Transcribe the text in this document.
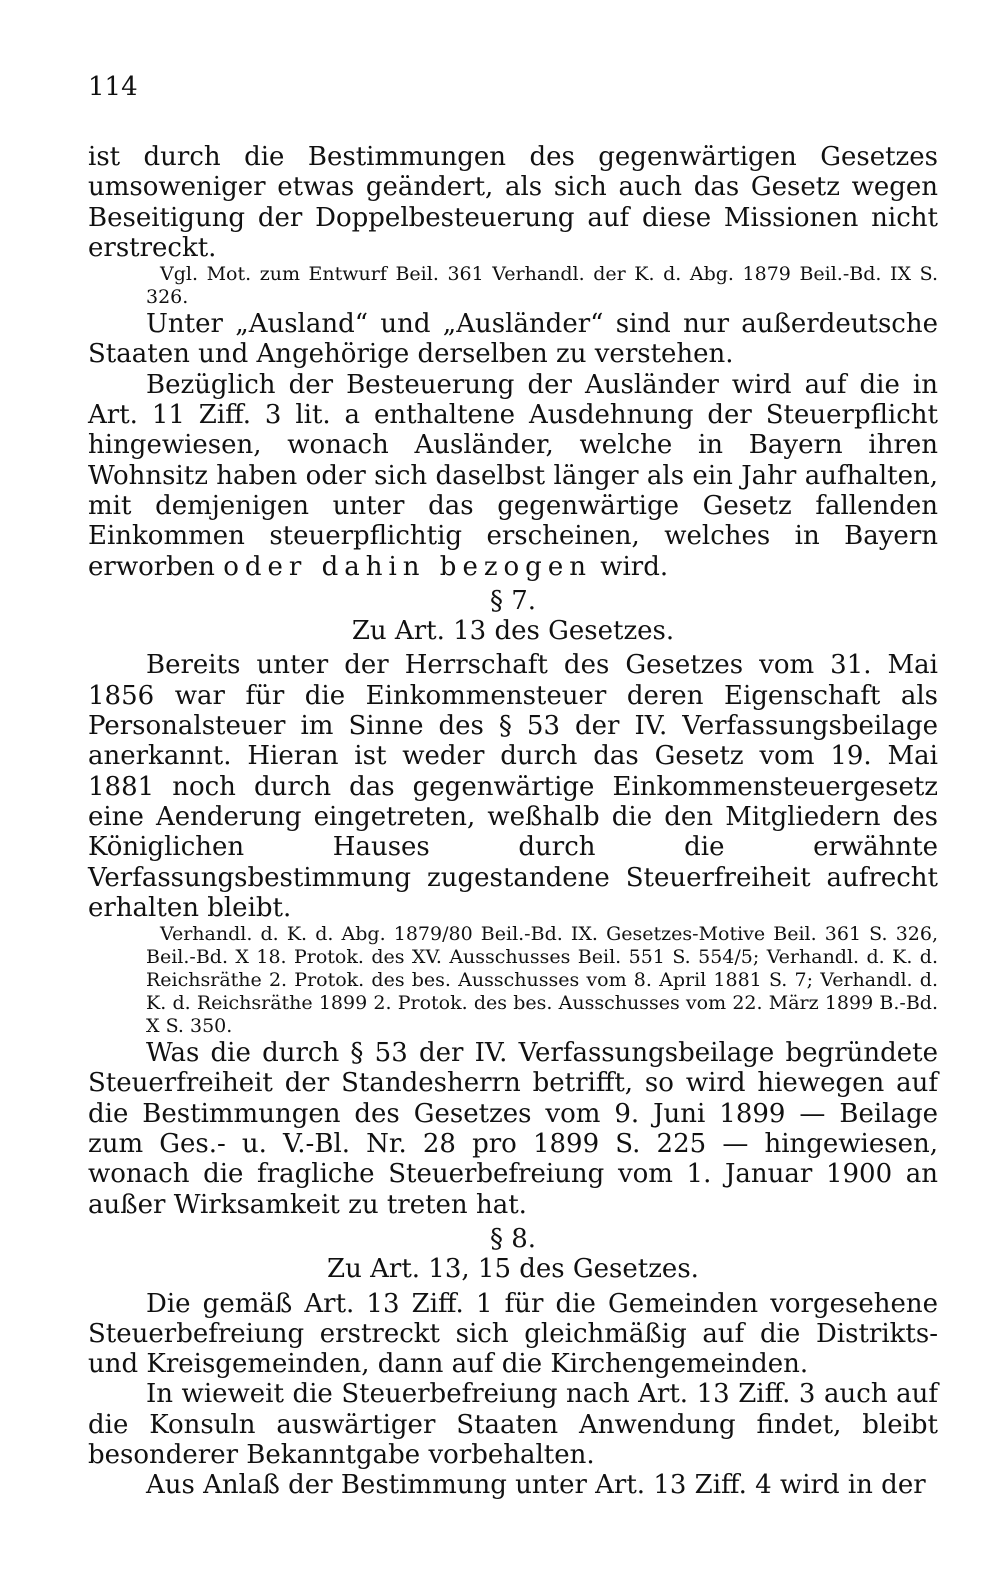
114

ist durch die Bestimmungen des gegenwärtigen Gesetzes umsoweniger etwas geändert, als sich auch das Gesetz wegen Beseitigung der Doppelbesteuerung auf diese Missionen nicht erstreckt.

Vgl. Mot. zum Entwurf Beil. 361 Verhandl. der K. d. Abg. 1879 Beil.-Bd. IX S. 326.

Unter „Ausland“ und „Ausländer“ sind nur außerdeutsche Staaten und Angehörige derselben zu verstehen.

Bezüglich der Besteuerung der Ausländer wird auf die in Art. 11 Ziff. 3 lit. a enthaltene Ausdehnung der Steuerpflicht hingewiesen, wonach Ausländer, welche in Bayern ihren Wohnsitz haben oder sich daselbst länger als ein Jahr aufhalten, mit demjenigen unter das gegenwärtige Gesetz fallenden Einkommen steuerpflichtig erscheinen, welches in Bayern erworben oder dahin bezogen wird.

§ 7.
Zu Art. 13 des Gesetzes.

Bereits unter der Herrschaft des Gesetzes vom 31. Mai 1856 war für die Einkommensteuer deren Eigenschaft als Personalsteuer im Sinne des § 53 der IV. Verfassungsbeilage anerkannt. Hieran ist weder durch das Gesetz vom 19. Mai 1881 noch durch das gegenwärtige Einkommensteuergesetz eine Aenderung eingetreten, weßhalb die den Mitgliedern des Königlichen Hauses durch die erwähnte Verfassungsbestimmung zugestandene Steuerfreiheit aufrecht erhalten bleibt.

Verhandl. d. K. d. Abg. 1879/80 Beil.-Bd. IX. Gesetzes-Motive Beil. 361 S. 326, Beil.-Bd. X 18. Protok. des XV. Ausschusses Beil. 551 S. 554/5; Verhandl. d. K. d. Reichsräthe 2. Protok. des bes. Ausschusses vom 8. April 1881 S. 7; Verhandl. d. K. d. Reichsräthe 1899 2. Protok. des bes. Ausschusses vom 22. März 1899 B.-Bd. X S. 350.

Was die durch § 53 der IV. Verfassungsbeilage begründete Steuerfreiheit der Standesherrn betrifft, so wird hiewegen auf die Bestimmungen des Gesetzes vom 9. Juni 1899 — Beilage zum Ges.- u. V.-Bl. Nr. 28 pro 1899 S. 225 — hingewiesen, wonach die fragliche Steuerbefreiung vom 1. Januar 1900 an außer Wirksamkeit zu treten hat.

§ 8.
Zu Art. 13, 15 des Gesetzes.

Die gemäß Art. 13 Ziff. 1 für die Gemeinden vorgesehene Steuerbefreiung erstreckt sich gleichmäßig auf die Distrikts- und Kreisgemeinden, dann auf die Kirchengemeinden.

In wieweit die Steuerbefreiung nach Art. 13 Ziff. 3 auch auf die Konsuln auswärtiger Staaten Anwendung findet, bleibt besonderer Bekanntgabe vorbehalten.

Aus Anlaß der Bestimmung unter Art. 13 Ziff. 4 wird in der
